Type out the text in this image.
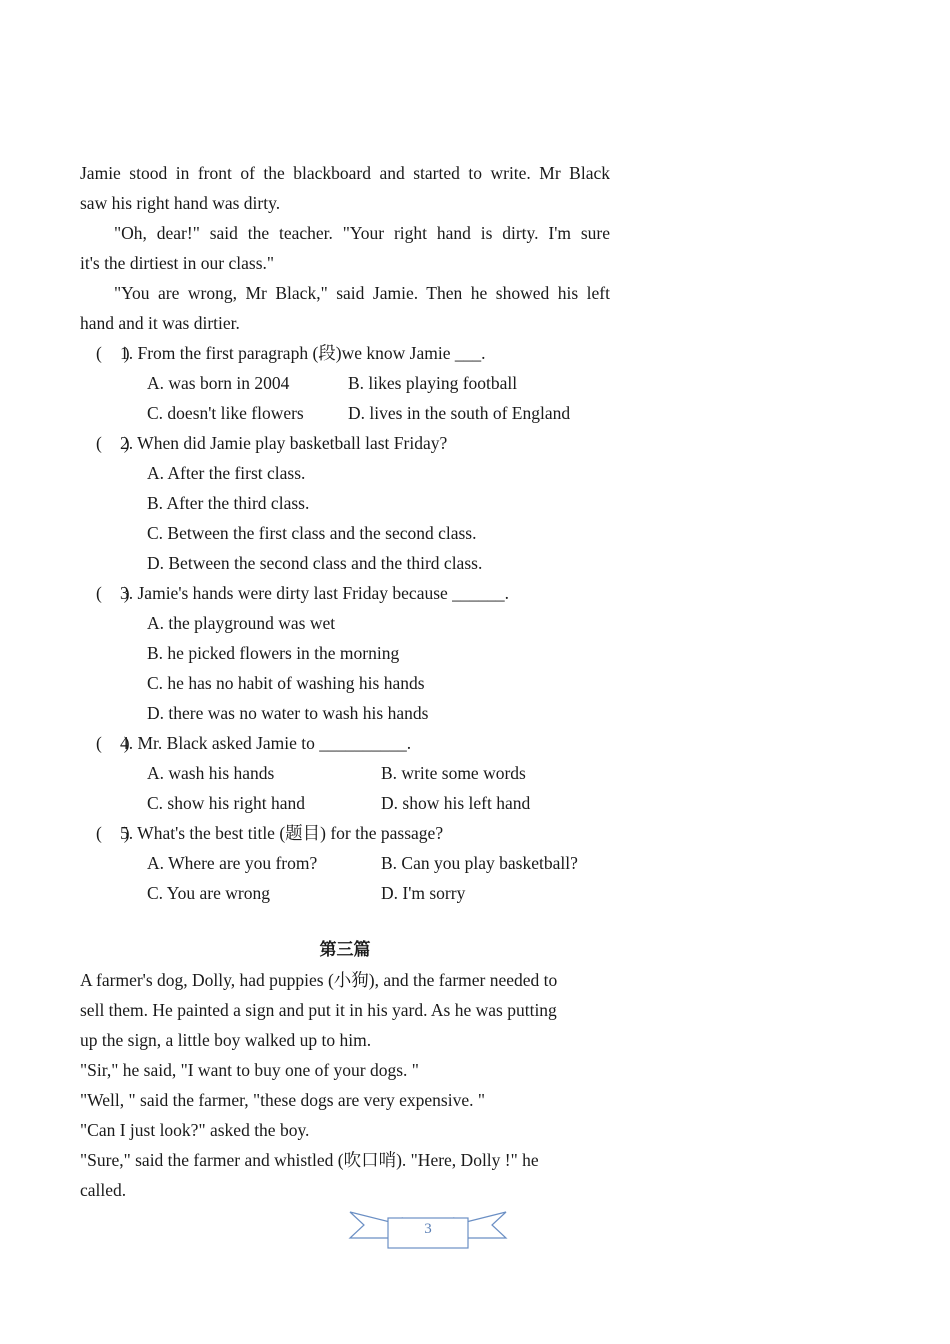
Jamie stood in front of the blackboard and started to write. Mr Black
saw his right hand was dirty.
"Oh, dear!" said the teacher. "Your right hand is dirty. I'm sure
it's the dirtiest in our class."
"You are wrong, Mr Black," said Jamie. Then he showed his left
hand and it was dirtier.
(　 )
1. From the first paragraph (段)we know Jamie ___.
A. was born in 2004	B. likes playing football
C. doesn't like flowers	D. lives in the south of England
(　 )
2. When did Jamie play basketball last Friday?
A. After the first class.
B. After the third class.
C. Between the first class and the second class.
D. Between the second class and the third class.
(　 )
3. Jamie's hands were dirty last Friday because ______.
A. the playground was wet
B. he picked flowers in the morning
C. he has no habit of washing his hands
D. there was no water to wash his hands
(　 )
4. Mr. Black asked Jamie to __________.
A. wash his hands	B. write some words
C. show his right hand	D. show his left hand
(　 )
5. What's the best title (题目) for the passage?
A. Where are you from?	B. Can you play basketball?
C. You are wrong	D. I'm sorry
第三篇
A farmer's dog, Dolly, had puppies (小狗), and the farmer needed to
sell them. He painted a sign and put it in his yard. As he was putting
up the sign, a little boy walked up to him.
"Sir," he said, "I want to buy one of your dogs. "
"Well, " said the farmer, "these dogs are very expensive. "
"Can I just look?" asked the boy.
"Sure," said the farmer and whistled (吹口哨). "Here, Dolly !" he
called.
3
